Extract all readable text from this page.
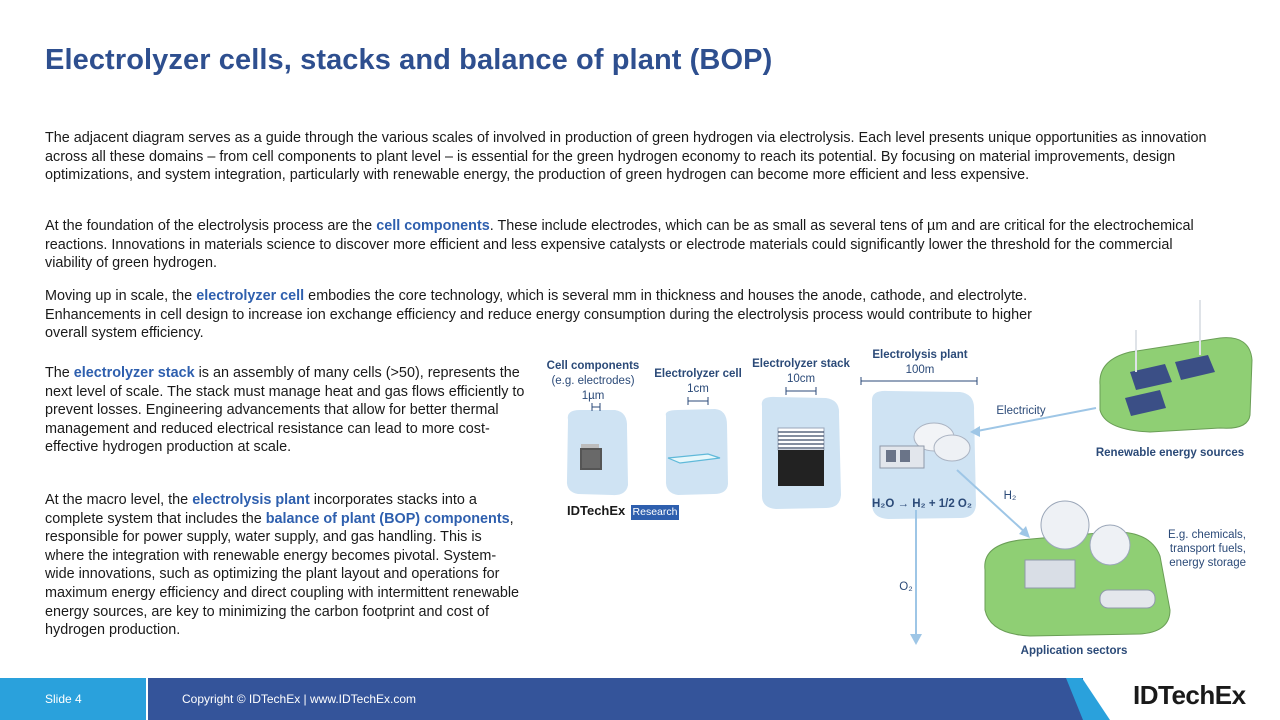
Electrolyzer cells, stacks and balance of plant (BOP)
The adjacent diagram serves as a guide through the various scales of involved in production of green hydrogen via electrolysis. Each level presents unique opportunities as innovation across all these domains – from cell components to plant level – is essential for the green hydrogen economy to reach its potential. By focusing on material improvements, design optimizations, and system integration, particularly with renewable energy, the production of green hydrogen can become more efficient and less expensive.
At the foundation of the electrolysis process are the cell components. These include electrodes, which can be as small as several tens of µm and are critical for the electrochemical reactions. Innovations in materials science to discover more efficient and less expensive catalysts or electrode materials could significantly lower the threshold for the commercial viability of green hydrogen.
Moving up in scale, the electrolyzer cell embodies the core technology, which is several mm in thickness and houses the anode, cathode, and electrolyte. Enhancements in cell design to increase ion exchange efficiency and reduce energy consumption during the electrolysis process would contribute to higher overall system efficiency.
The electrolyzer stack is an assembly of many cells (>50), represents the next level of scale. The stack must manage heat and gas flows efficiently to prevent losses. Engineering advancements that allow for better thermal management and reduced electrical resistance can lead to more cost-effective hydrogen production at scale.
At the macro level, the electrolysis plant incorporates stacks into a complete system that includes the balance of plant (BOP) components, responsible for power supply, water supply, and gas handling. This is where the integration with renewable energy becomes pivotal. System-wide innovations, such as optimizing the plant layout and operations for maximum energy efficiency and direct coupling with intermittent renewable energy sources, are key to minimizing the carbon footprint and cost of hydrogen production.
Cell components
(e.g. electrodes)
1µm
Electrolyzer cell
1cm
Electrolyzer stack
10cm
Electrolysis plant
100m
H₂O → H₂ + 1/2 O₂
Electricity
H₂
O₂
Renewable energy sources
Application sectors
E.g. chemicals,
transport fuels,
energy storage
IDTechEx Research
Slide 4	Copyright © IDTechEx | www.IDTechEx.com	IDTechEx
